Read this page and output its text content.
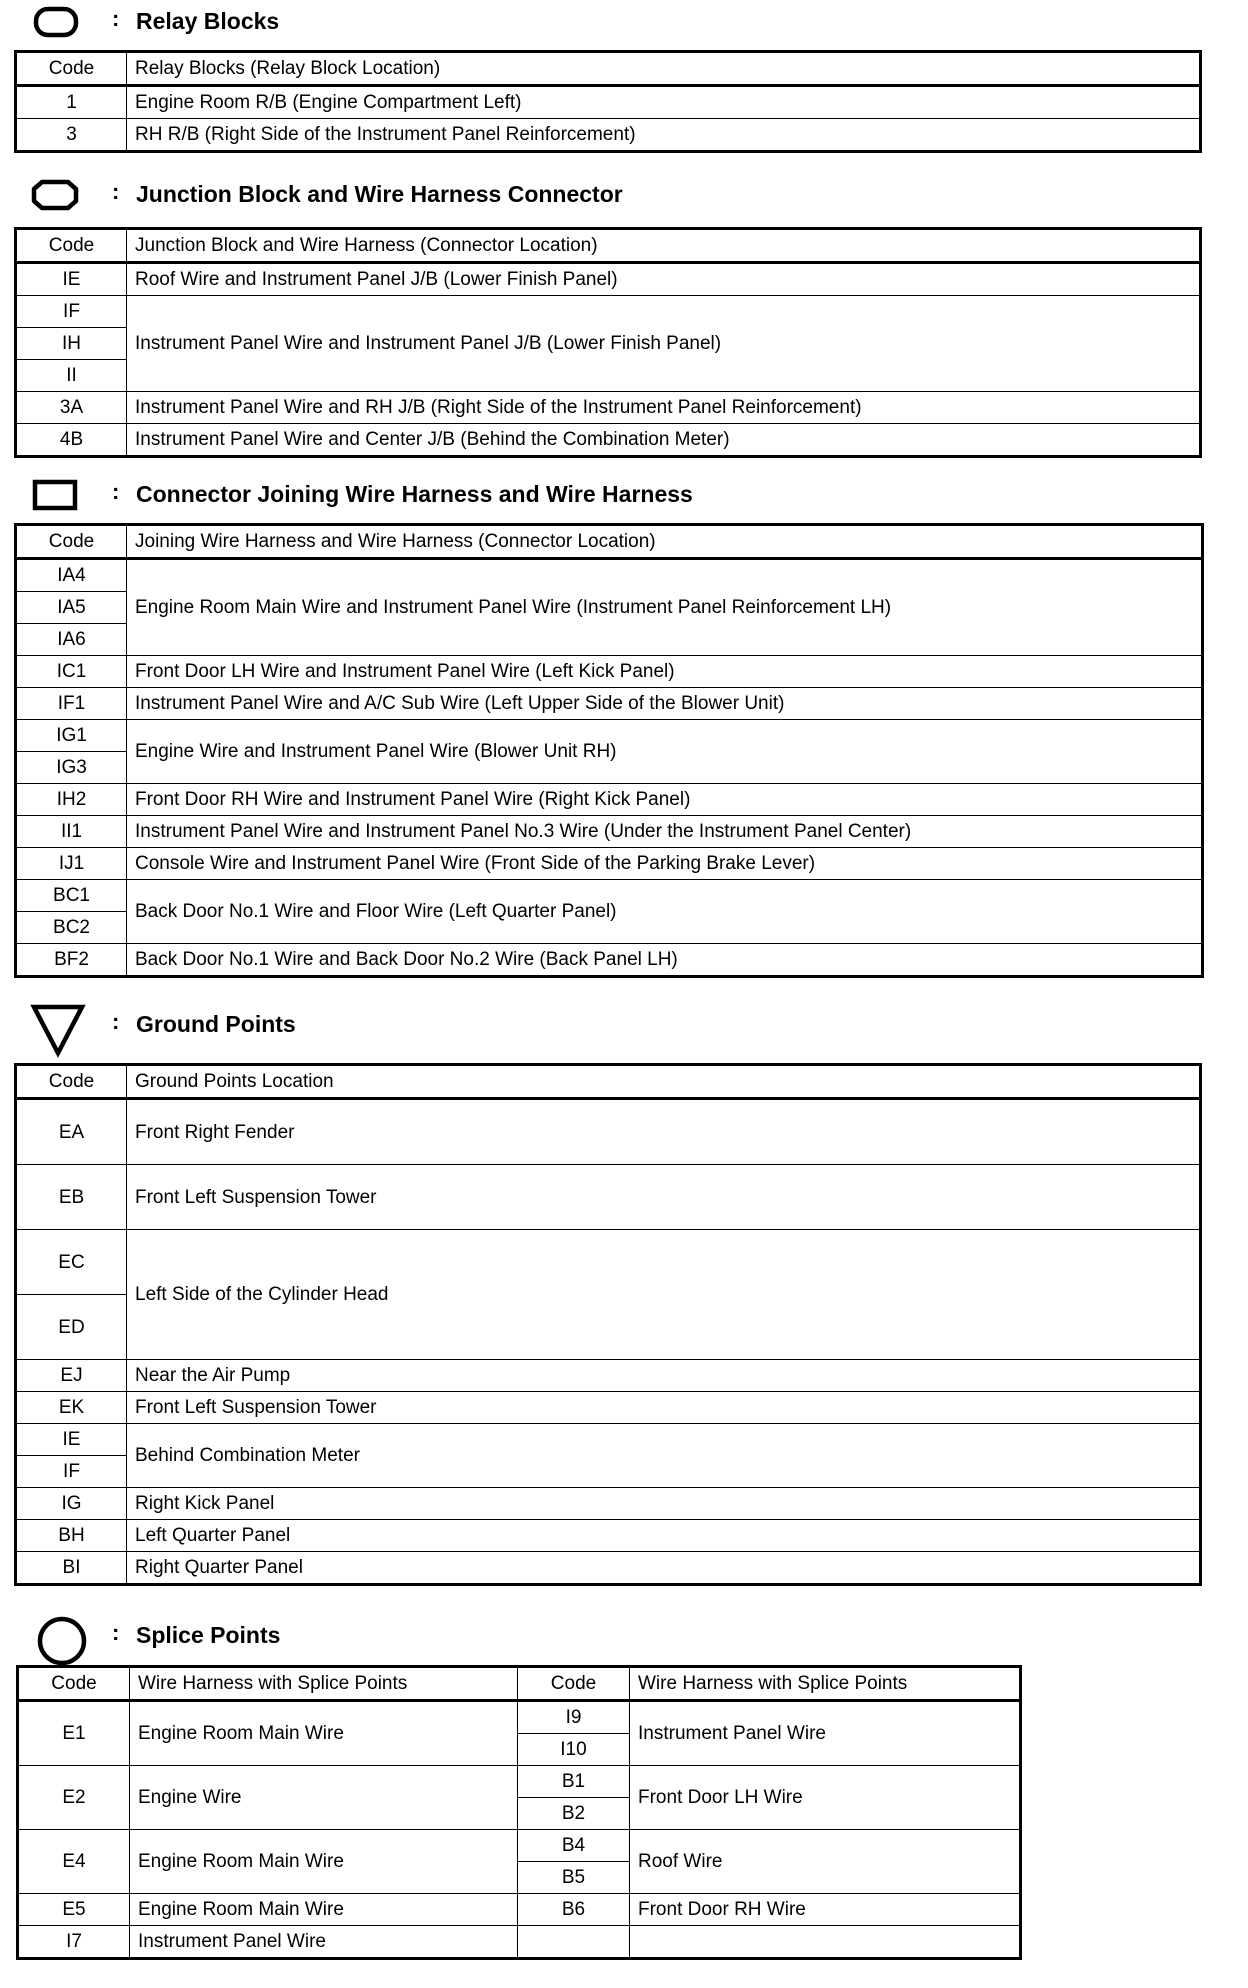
: Relay Blocks
Code	Relay Blocks (Relay Block Location)
1	Engine Room R/B (Engine Compartment Left)
3	RH R/B (Right Side of the Instrument Panel Reinforcement)
: Junction Block and Wire Harness Connector
Code	Junction Block and Wire Harness (Connector Location)
IE	Roof Wire and Instrument Panel J/B (Lower Finish Panel)
IF	Instrument Panel Wire and Instrument Panel J/B (Lower Finish Panel)
IH	
II	
3A	Instrument Panel Wire and RH J/B (Right Side of the Instrument Panel Reinforcement)
4B	Instrument Panel Wire and Center J/B (Behind the Combination Meter)
: Connector Joining Wire Harness and Wire Harness
Code	Joining Wire Harness and Wire Harness (Connector Location)
IA4	Engine Room Main Wire and Instrument Panel Wire (Instrument Panel Reinforcement LH)
IA5	
IA6	
IC1	Front Door LH Wire and Instrument Panel Wire (Left Kick Panel)
IF1	Instrument Panel Wire and A/C Sub Wire (Left Upper Side of the Blower Unit)
IG1	Engine Wire and Instrument Panel Wire (Blower Unit RH)
IG3	
IH2	Front Door RH Wire and Instrument Panel Wire (Right Kick Panel)
II1	Instrument Panel Wire and Instrument Panel No.3 Wire (Under the Instrument Panel Center)
IJ1	Console Wire and Instrument Panel Wire (Front Side of the Parking Brake Lever)
BC1	Back Door No.1 Wire and Floor Wire (Left Quarter Panel)
BC2	
BF2	Back Door No.1 Wire and Back Door No.2 Wire (Back Panel LH)
: Ground Points
Code	Ground Points Location
EA	Front Right Fender
EB	Front Left Suspension Tower
EC	Left Side of the Cylinder Head
ED	
EJ	Near the Air Pump
EK	Front Left Suspension Tower
IE	Behind Combination Meter
IF	
IG	Right Kick Panel
BH	Left Quarter Panel
BI	Right Quarter Panel
: Splice Points
Code	Wire Harness with Splice Points	Code	Wire Harness with Splice Points
E1	Engine Room Main Wire	I9	Instrument Panel Wire
		I10	
E2	Engine Wire	B1	Front Door LH Wire
		B2	
E4	Engine Room Main Wire	B4	Roof Wire
		B5	
E5	Engine Room Main Wire	B6	Front Door RH Wire
I7	Instrument Panel Wire		
